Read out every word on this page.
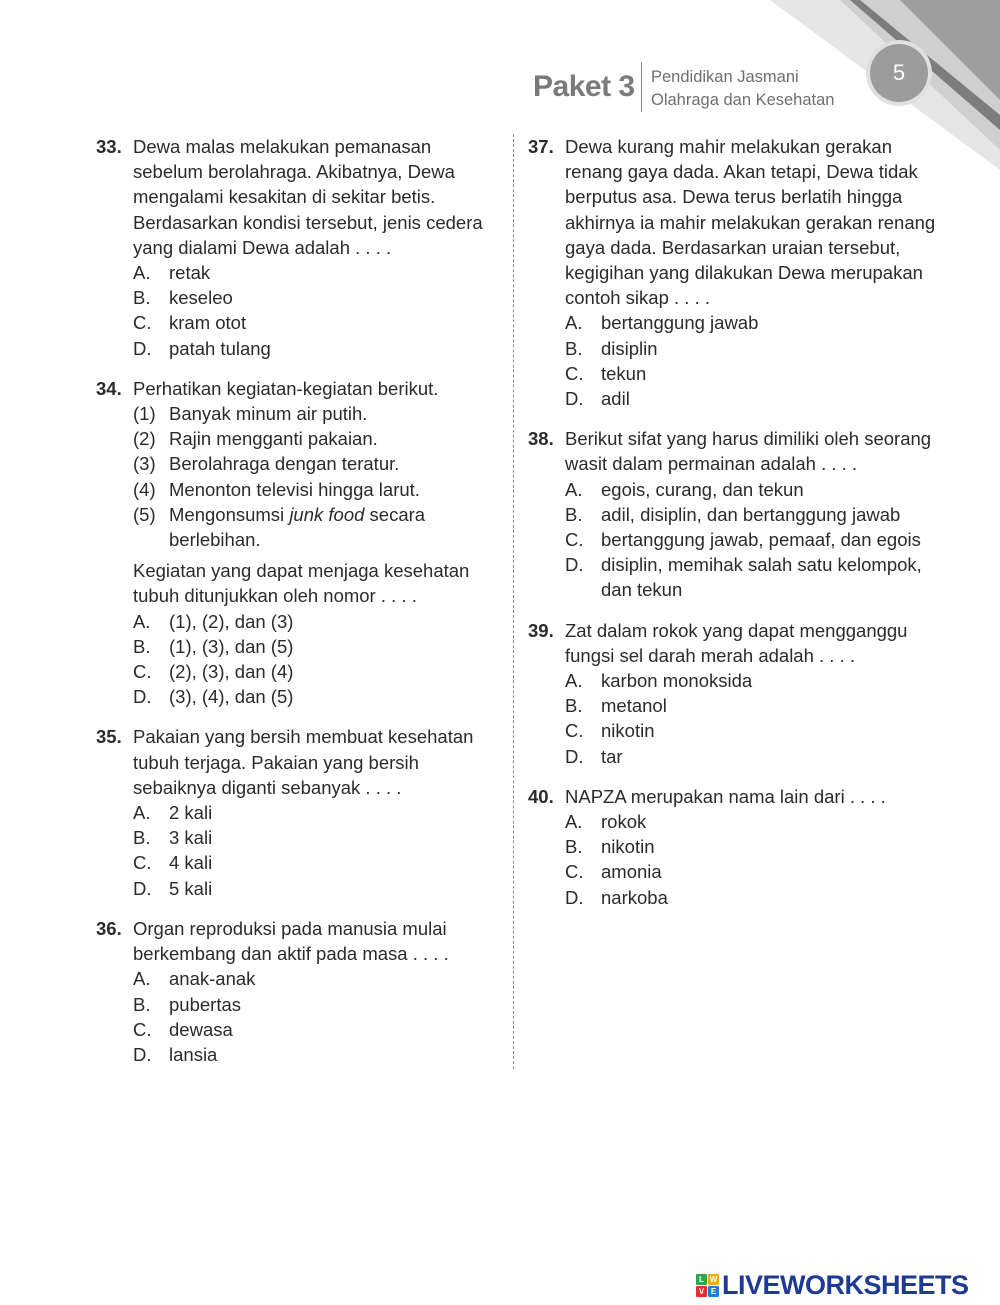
Paket 3 Pendidikan Jasmani
Olahraga dan Kesehatan
5
33. Dewa malas melakukan pemanasan sebelum berolahraga. Akibatnya, Dewa mengalami kesakitan di sekitar betis. Berdasarkan kondisi tersebut, jenis cedera yang dialami Dewa adalah . . . .
A. retak
B. keseleo
C. kram otot
D. patah tulang
34. Perhatikan kegiatan-kegiatan berikut.
(1) Banyak minum air putih.
(2) Rajin mengganti pakaian.
(3) Berolahraga dengan teratur.
(4) Menonton televisi hingga larut.
(5) Mengonsumsi junk food secara berlebihan.
Kegiatan yang dapat menjaga kesehatan tubuh ditunjukkan oleh nomor . . . .
A. (1), (2), dan (3)
B. (1), (3), dan (5)
C. (2), (3), dan (4)
D. (3), (4), dan (5)
35. Pakaian yang bersih membuat kesehatan tubuh terjaga. Pakaian yang bersih sebaiknya diganti sebanyak . . . .
A. 2 kali
B. 3 kali
C. 4 kali
D. 5 kali
36. Organ reproduksi pada manusia mulai berkembang dan aktif pada masa . . . .
A. anak-anak
B. pubertas
C. dewasa
D. lansia
37. Dewa kurang mahir melakukan gerakan renang gaya dada. Akan tetapi, Dewa tidak berputus asa. Dewa terus berlatih hingga akhirnya ia mahir melakukan gerakan renang gaya dada. Berdasarkan uraian tersebut, kegigihan yang dilakukan Dewa merupakan contoh sikap . . . .
A. bertanggung jawab
B. disiplin
C. tekun
D. adil
38. Berikut sifat yang harus dimiliki oleh seorang wasit dalam permainan adalah . . . .
A. egois, curang, dan tekun
B. adil, disiplin, dan bertanggung jawab
C. bertanggung jawab, pemaaf, dan egois
D. disiplin, memihak salah satu kelompok, dan tekun
39. Zat dalam rokok yang dapat mengganggu fungsi sel darah merah adalah . . . .
A. karbon monoksida
B. metanol
C. nikotin
D. tar
40. NAPZA merupakan nama lain dari . . . .
A. rokok
B. nikotin
C. amonia
D. narkoba
L W
V E LIVEWORKSHEETS
